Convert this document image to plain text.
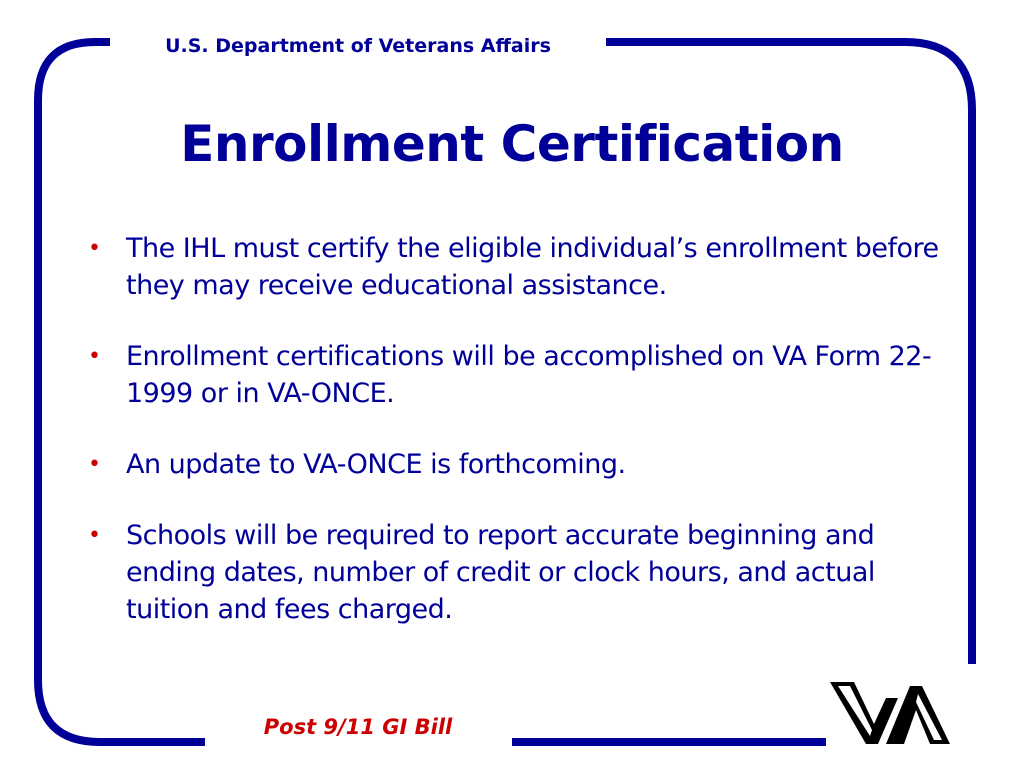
U.S. Department of Veterans Affairs
Enrollment Certification
• The IHL must certify the eligible individual’s enrollment before they may receive educational assistance.
• Enrollment certifications will be accomplished on VA Form 22-1999 or in VA-ONCE.
• An update to VA-ONCE is forthcoming.
• Schools will be required to report accurate beginning and ending dates, number of credit or clock hours, and actual tuition and fees charged.
Post 9/11 GI Bill
